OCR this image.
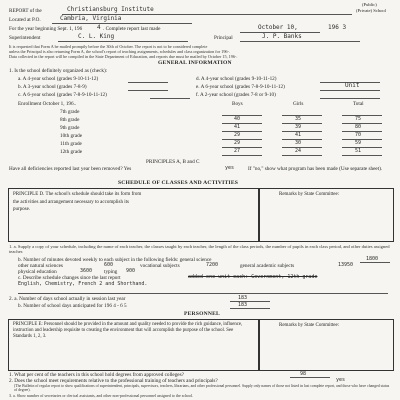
(Public)
(Private) School
REPORT of the	Christiansburg Institute
Located at P.O.	Cambria, Virginia
For the year beginning Sept. 1, 196 4 . Complete report last made	October 10,	196 3
Superintendent	C. L. King	Principal	J. P. Banks
It is requested that Form A be mailed promptly before the 30th of October. The report is not to be considered complete
unless the Principal is also returning Form A, the school's report of teaching assignments, schedules and class organization for 196-.
Data collected in the report will be compiled in the State Department of Education, and reports due must be mailed by October 15, 196-.
GENERAL INFORMATION
1. Is the school definitely organized as (check):
a. A 4-year school (grades 9-10-11-12)	d. A 4-year school (grades 9-10-11-12)
b. A 3-year school (grades 7-8-9)	e. A 6-year school (grades 7-8-9-10-11-12)	Unit
c. A 6-year school (grades 7-8-9-10-11-12)	f. A 2-year school (grades 7-8 or 9-10)
Enrollment October 1, 196..	Boys	Girls	Total
7th grade
8th grade	40	35	75
9th grade	41	39	80
10th grade	29	41	70
11th grade	29	30	59
12th grade	27	24	51
PRINCIPLES A, B and C
Have all deficiencies reported last year been removed? Yes	yes	If "no," show what program has been made (Use separate sheet).
SCHEDULE OF CLASSES AND ACTIVITIES
PRINCIPLE D. The school's schedule should take its form from the activities and arrangement necessary to accomplish its purpose.
Remarks by State Committee:
1. a. Supply a copy of your schedule, including the name of each teacher, the classes taught by each teacher, the length of the class periods, the number of pupils in each class period, and other duties assigned teacher.
b. Number of minutes devoted weekly to each subject in the following fields: general science	1800
other natural sciences	600	vocational subjects	7200	general academic subjects	13950
physical education	3600 typing 900
c. Describe schedule changes since the last report	added one unit each: Government, 12th grade
English, Chemistry, French 2 and Shorthand.
2. a. Number of days school actually in session last year	183
b. Number of school days anticipated for 196 4 - 6 5	183
PERSONNEL
PRINCIPLE E: Personnel should be provided in the amount and quality needed to provide the rich guidance, influence, instruction and leadership requisite to creating the environment that will accomplish the purpose of the school. See Standards 1, 2, 3.
Remarks by State Committee:
1. What per cent of the teachers in this school hold degrees from approved colleges?	98
2. Does the school meet requirements relative to the professional training of teachers and principals?	yes
(The Bulletin of regular report to show qualifications of superintendent, principals, supervisors, teachers, librarians, and other professional personnel. Supply only names of those not listed in last complete report, and those who have changed status of degree).
3. a. Show number of secretaries or clerical assistants, and other non-professional personnel assigned to the school.
